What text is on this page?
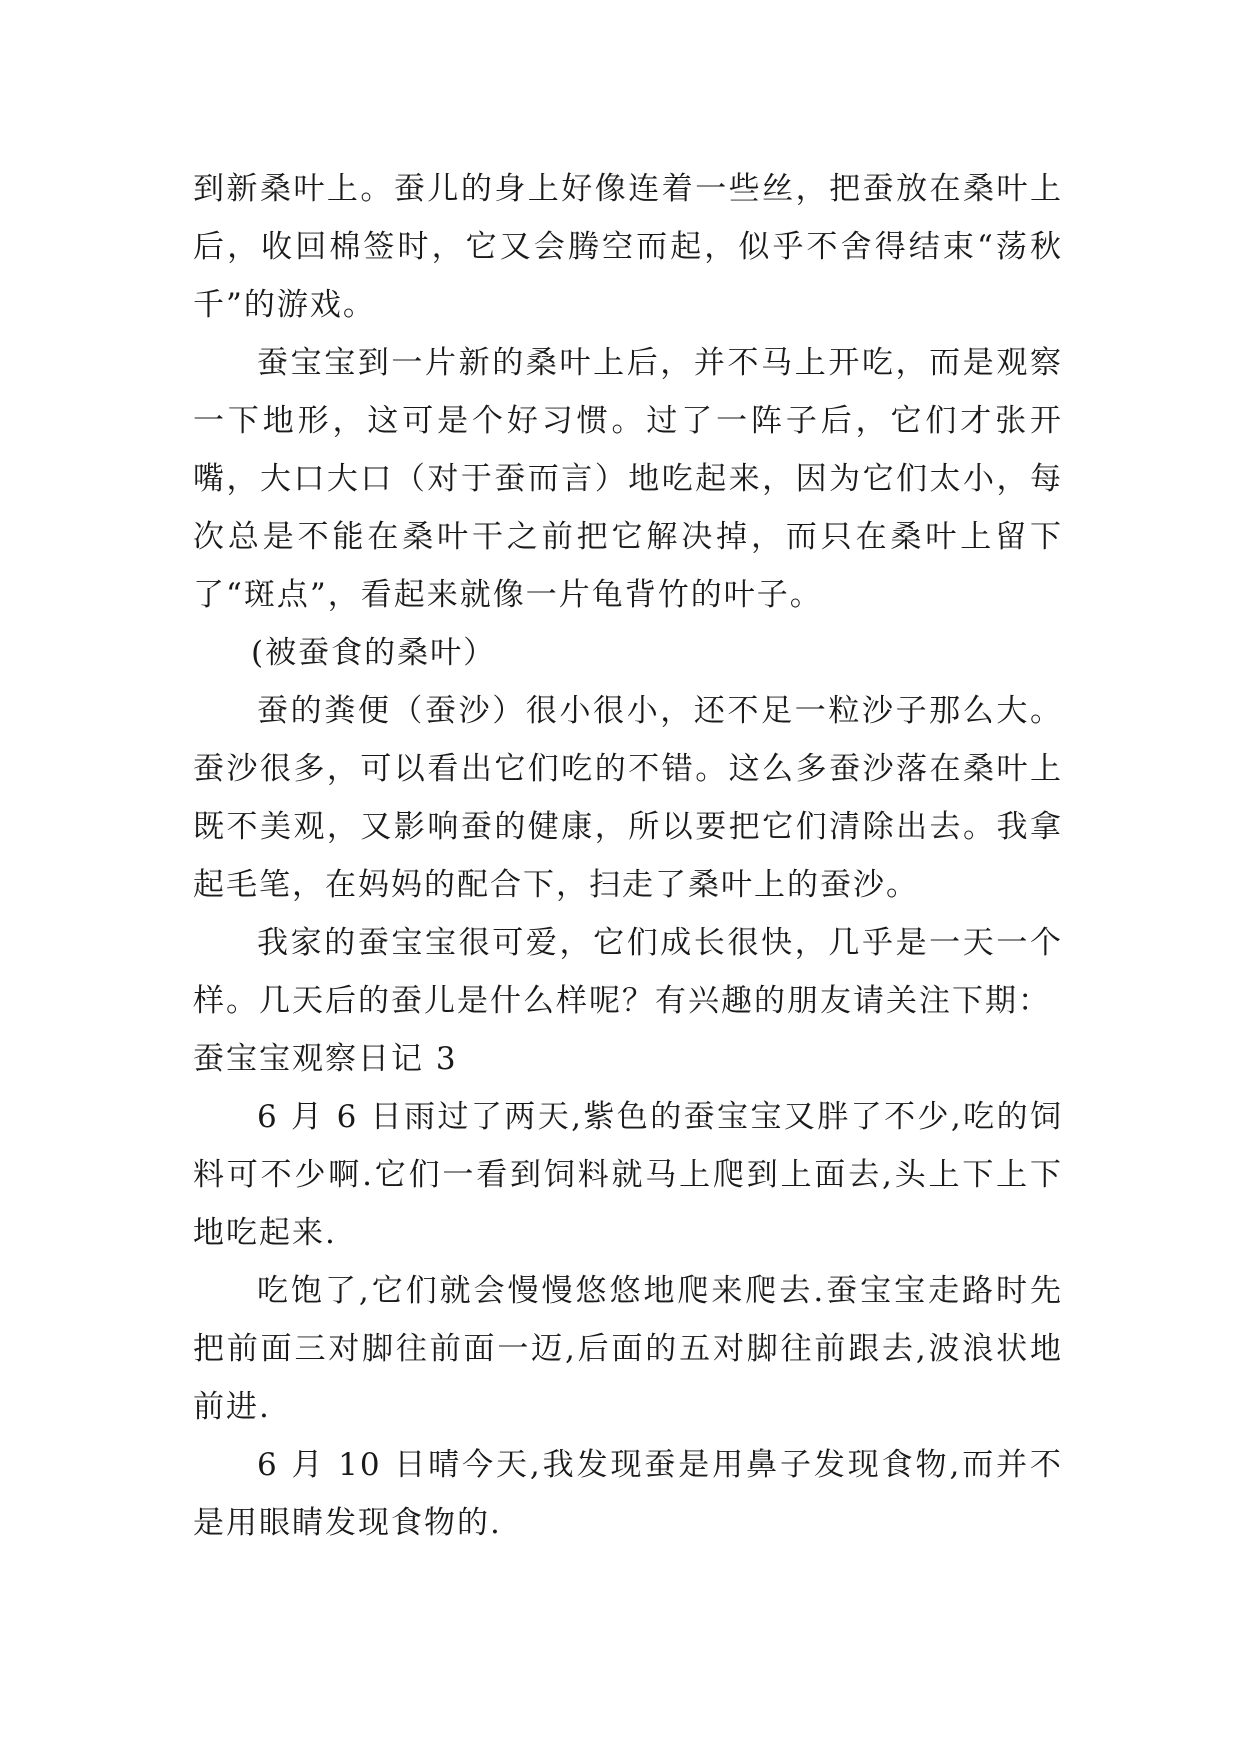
到新桑叶上。蚕儿的身上好像连着一些丝，把蚕放在桑叶上后，收回棉签时，它又会腾空而起，似乎不舍得结束“荡秋千”的游戏。

蚕宝宝到一片新的桑叶上后，并不马上开吃，而是观察一下地形，这可是个好习惯。过了一阵子后，它们才张开嘴，大口大口（对于蚕而言）地吃起来，因为它们太小，每次总是不能在桑叶干之前把它解决掉，而只在桑叶上留下了“斑点”，看起来就像一片龟背竹的叶子。

(被蚕食的桑叶）

蚕的粪便（蚕沙）很小很小，还不足一粒沙子那么大。蚕沙很多，可以看出它们吃的不错。这么多蚕沙落在桑叶上既不美观，又影响蚕的健康，所以要把它们清除出去。我拿起毛笔，在妈妈的配合下，扫走了桑叶上的蚕沙。

我家的蚕宝宝很可爱，它们成长很快，几乎是一天一个样。几天后的蚕儿是什么样呢？有兴趣的朋友请关注下期：

蚕宝宝观察日记 3

6 月 6 日雨过了两天,紫色的蚕宝宝又胖了不少,吃的饲料可不少啊.它们一看到饲料就马上爬到上面去,头上下上下地吃起来.

吃饱了,它们就会慢慢悠悠地爬来爬去.蚕宝宝走路时先把前面三对脚往前面一迈,后面的五对脚往前跟去,波浪状地前进.

6 月 10 日晴今天,我发现蚕是用鼻子发现食物,而并不是用眼睛发现食物的.
